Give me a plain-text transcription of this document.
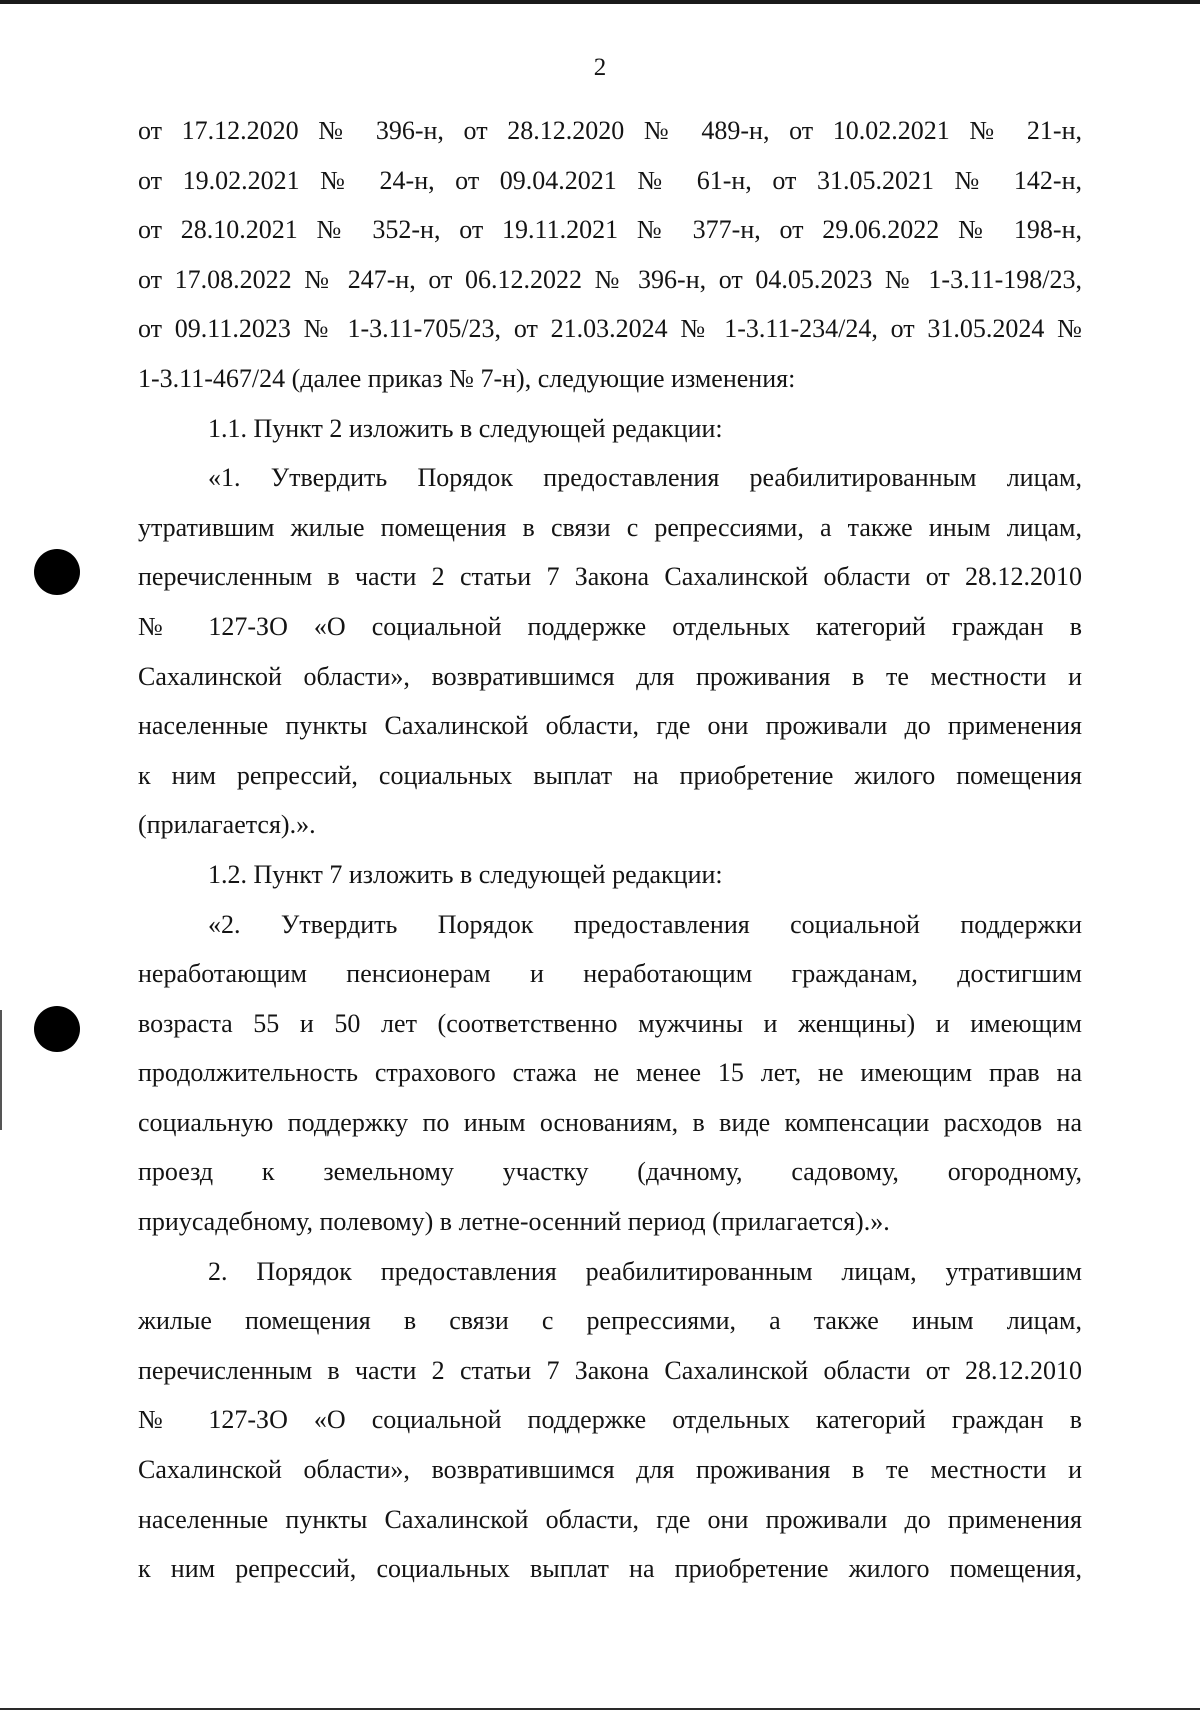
2
от 17.12.2020 № 396-н, от 28.12.2020 № 489-н, от 10.02.2021 № 21-н,
от 19.02.2021 № 24-н, от 09.04.2021 № 61-н, от 31.05.2021 № 142-н,
от 28.10.2021 № 352-н, от 19.11.2021 № 377-н, от 29.06.2022 № 198-н,
от 17.08.2022 № 247-н, от 06.12.2022 № 396-н, от 04.05.2023 № 1-3.11-198/23,
от 09.11.2023 № 1-3.11-705/23, от 21.03.2024 № 1-3.11-234/24, от 31.05.2024 №
1-3.11-467/24 (далее приказ № 7-н), следующие изменения:
1.1. Пункт 2 изложить в следующей редакции:
«1. Утвердить Порядок предоставления реабилитированным лицам,
утратившим жилые помещения в связи с репрессиями, а также иным лицам,
перечисленным в части 2 статьи 7 Закона Сахалинской области от 28.12.2010
№ 127-ЗО «О социальной поддержке отдельных категорий граждан в
Сахалинской области», возвратившимся для проживания в те местности и
населенные пункты Сахалинской области, где они проживали до применения
к ним репрессий, социальных выплат на приобретение жилого помещения
(прилагается).».
1.2. Пункт 7 изложить в следующей редакции:
«2. Утвердить Порядок предоставления социальной поддержки
неработающим пенсионерам и неработающим гражданам, достигшим
возраста 55 и 50 лет (соответственно мужчины и женщины) и имеющим
продолжительность страхового стажа не менее 15 лет, не имеющим прав на
социальную поддержку по иным основаниям, в виде компенсации расходов на
проезд к земельному участку (дачному, садовому, огородному,
приусадебному, полевому) в летне-осенний период (прилагается).».
2. Порядок предоставления реабилитированным лицам, утратившим
жилые помещения в связи с репрессиями, а также иным лицам,
перечисленным в части 2 статьи 7 Закона Сахалинской области от 28.12.2010
№ 127-ЗО «О социальной поддержке отдельных категорий граждан в
Сахалинской области», возвратившимся для проживания в те местности и
населенные пункты Сахалинской области, где они проживали до применения
к ним репрессий, социальных выплат на приобретение жилого помещения,
